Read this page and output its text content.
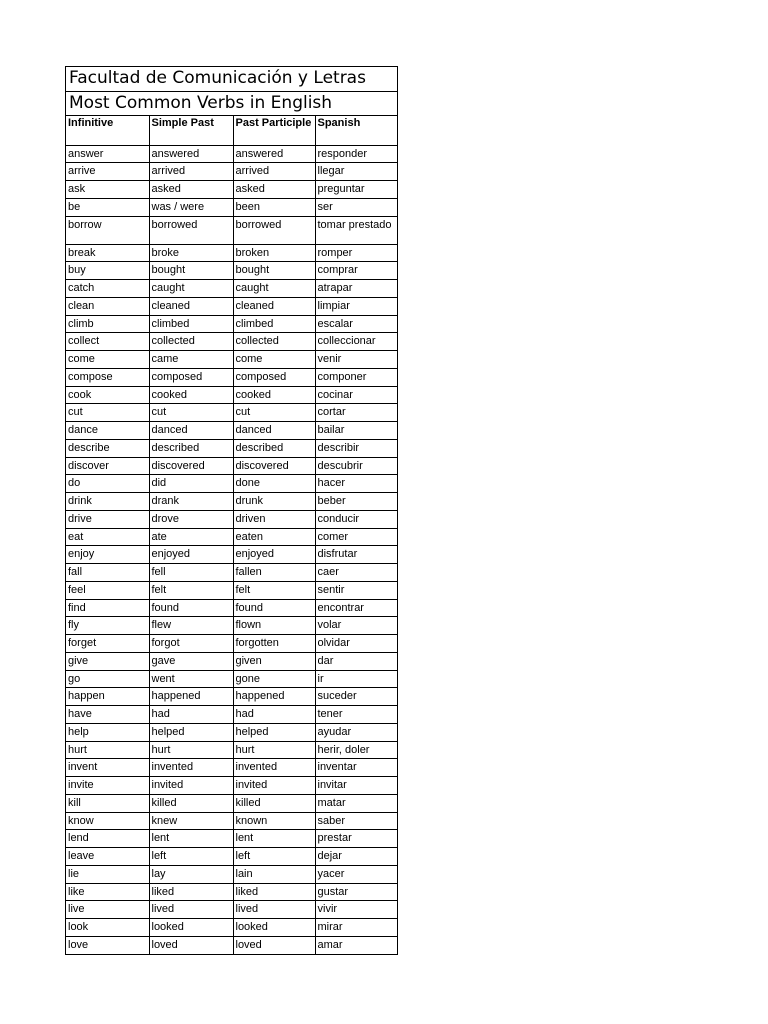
Facultad de Comunicación y Letras
Most Common Verbs in English
Infinitive	Simple Past	Past Participle	Spanish
answer	answered	answered	responder
arrive	arrived	arrived	llegar
ask	asked	asked	preguntar
be	was / were	been	ser
borrow	borrowed	borrowed	tomar prestado
break	broke	broken	romper
buy	bought	bought	comprar
catch	caught	caught	atrapar
clean	cleaned	cleaned	limpiar
climb	climbed	climbed	escalar
collect	collected	collected	colleccionar
come	came	come	venir
compose	composed	composed	componer
cook	cooked	cooked	cocinar
cut	cut	cut	cortar
dance	danced	danced	bailar
describe	described	described	describir
discover	discovered	discovered	descubrir
do	did	done	hacer
drink	drank	drunk	beber
drive	drove	driven	conducir
eat	ate	eaten	comer
enjoy	enjoyed	enjoyed	disfrutar
fall	fell	fallen	caer
feel	felt	felt	sentir
find	found	found	encontrar
fly	flew	flown	volar
forget	forgot	forgotten	olvidar
give	gave	given	dar
go	went	gone	ir
happen	happened	happened	suceder
have	had	had	tener
help	helped	helped	ayudar
hurt	hurt	hurt	herir, doler
invent	invented	invented	inventar
invite	invited	invited	invitar
kill	killed	killed	matar
know	knew	known	saber
lend	lent	lent	prestar
leave	left	left	dejar
lie	lay	lain	yacer
like	liked	liked	gustar
live	lived	lived	vivir
look	looked	looked	mirar
love	loved	loved	amar
